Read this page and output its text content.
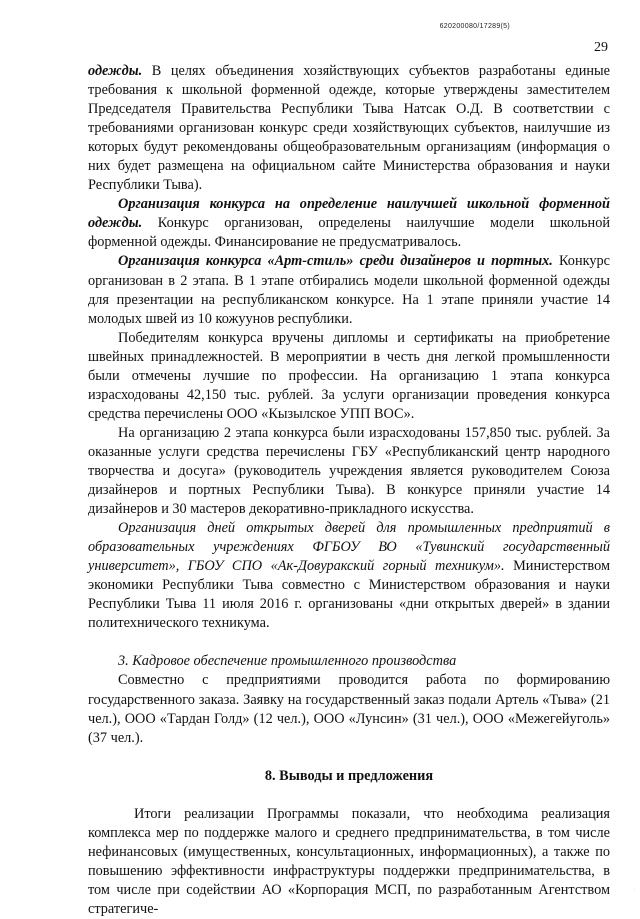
620200080/17289(5)
29

одежды. В целях объединения хозяйствующих субъектов разработаны единые требования к школьной форменной одежде, которые утверждены заместителем Председателя Правительства Республики Тыва Натсак О.Д. В соответствии с требованиями организован конкурс среди хозяйствующих субъектов, наилучшие из которых будут рекомендованы общеобразовательным организациям (информация о них будет размещена на официальном сайте Министерства образования и науки Республики Тыва).

Организация конкурса на определение наилучшей школьной форменной одежды. Конкурс организован, определены наилучшие модели школьной форменной одежды. Финансирование не предусматривалось.

Организация конкурса «Арт-стиль» среди дизайнеров и портных. Конкурс организован в 2 этапа. В 1 этапе отбирались модели школьной форменной одежды для презентации на республиканском конкурсе. На 1 этапе приняли участие 14 молодых швей из 10 кожуунов республики.

Победителям конкурса вручены дипломы и сертификаты на приобретение швейных принадлежностей. В мероприятии в честь дня легкой промышленности были отмечены лучшие по профессии. На организацию 1 этапа конкурса израсходованы 42,150 тыс. рублей. За услуги организации проведения конкурса средства перечислены ООО «Кызылское УПП ВОС».

На организацию 2 этапа конкурса были израсходованы 157,850 тыс. рублей. За оказанные услуги средства перечислены ГБУ «Республиканский центр народного творчества и досуга» (руководитель учреждения является руководителем Союза дизайнеров и портных Республики Тыва). В конкурсе приняли участие 14 дизайнеров и 30 мастеров декоративно-прикладного искусства.

Организация дней открытых дверей для промышленных предприятий в образовательных учреждениях ФГБОУ ВО «Тувинский государственный университет», ГБОУ СПО «Ак-Довуракский горный техникум». Министерством экономики Республики Тыва совместно с Министерством образования и науки Республики Тыва 11 июля 2016 г. организованы «дни открытых дверей» в здании политехнического техникума.

3. Кадровое обеспечение промышленного производства

Совместно с предприятиями проводится работа по формированию государственного заказа. Заявку на государственный заказ подали Артель «Тыва» (21 чел.), ООО «Тардан Голд» (12 чел.), ООО «Лунсин» (31 чел.), ООО «Межегейуголь» (37 чел.).

8. Выводы и предложения

Итоги реализации Программы показали, что необходима реализация комплекса мер по поддержке малого и среднего предпринимательства, в том числе нефинансовых (имущественных, консультационных, информационных), а также по повышению эффективности инфраструктуры поддержки предпринимательства, в том числе при содействии АО «Корпорация МСП, по разработанным Агентством стратегиче-

˙
